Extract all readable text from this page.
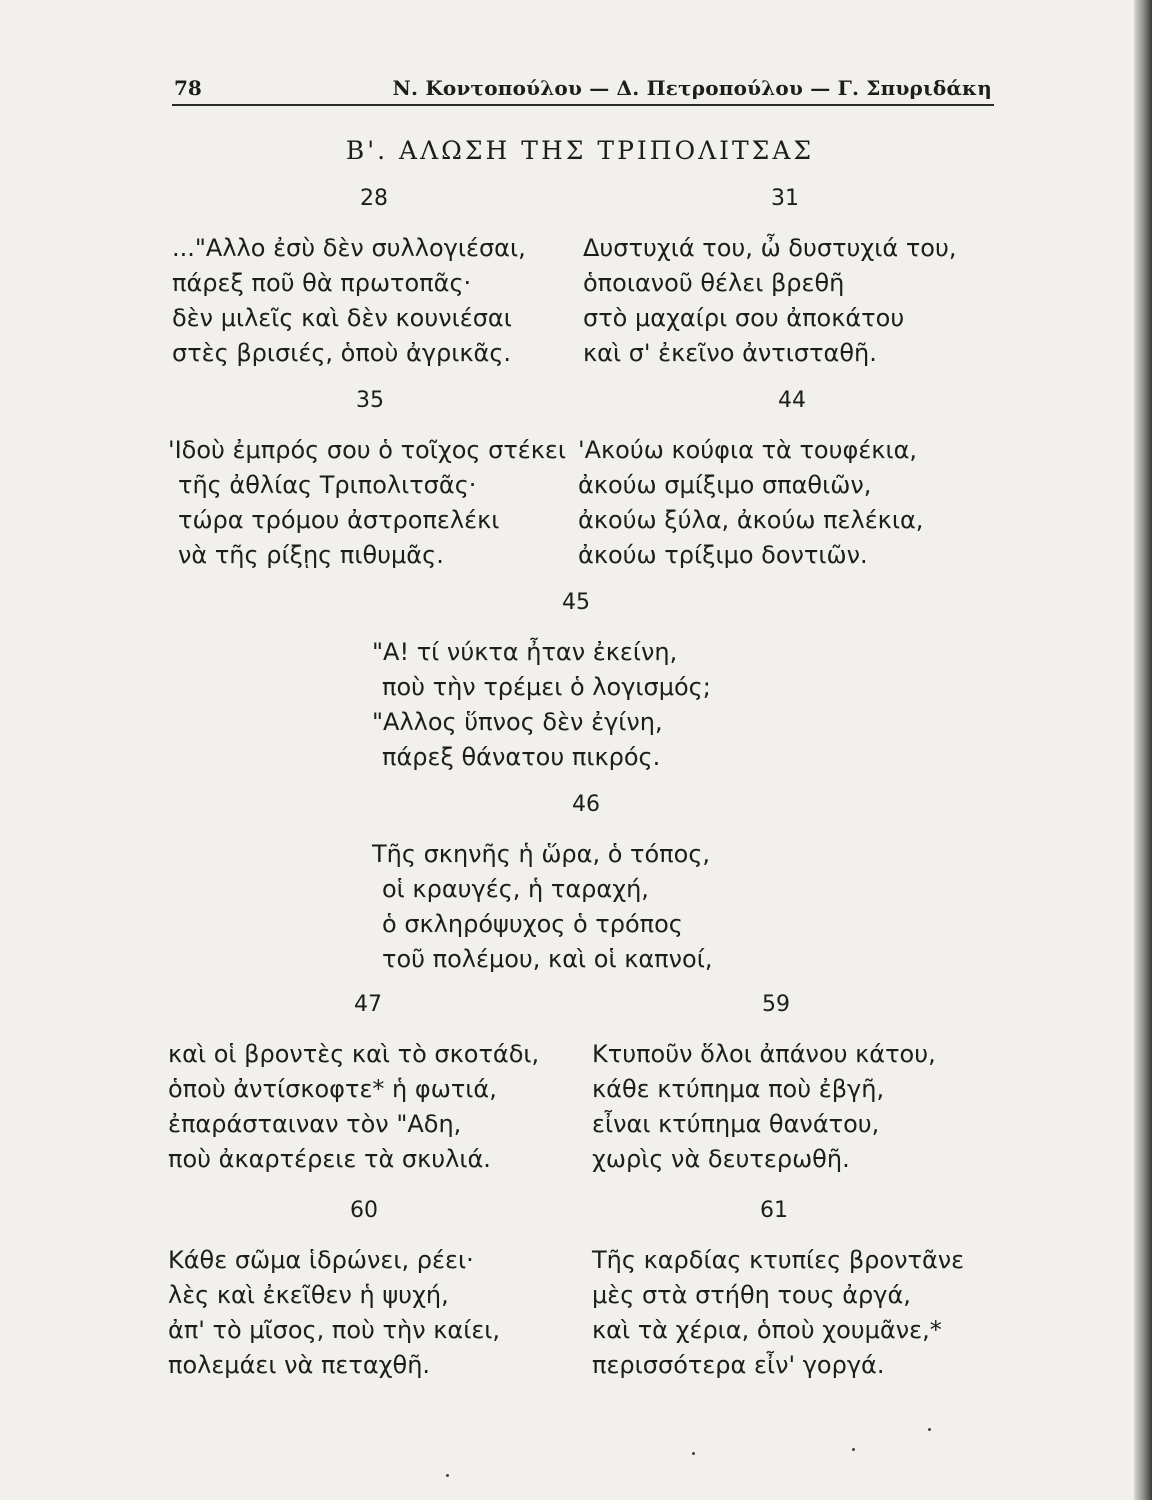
78	Ν. Κοντοπούλου — Δ. Πετροπούλου — Γ. Σπυριδάκη
Β'. ΑΛΩΣΗ ΤΗΣ ΤΡΙΠΟΛΙΤΣΑΣ
28
..."Αλλο ἐσὺ δὲν συλλογιέσαι,
πάρεξ ποῦ θὰ πρωτοπᾶς·
δὲν μιλεῖς καὶ δὲν κουνιέσαι
στὲς βρισιές, ὁποὺ ἀγρικᾶς.
31
Δυστυχιά του, ὦ δυστυχιά του,
ὁποιανοῦ θέλει βρεθῆ
στὸ μαχαίρι σου ἀποκάτου
καὶ σ' ἐκεῖνο ἀντισταθῆ.
35
'Ιδοὺ ἐμπρός σου ὁ τοῖχος στέκει
τῆς ἀθλίας Τριπολιτσᾶς·
τώρα τρόμου ἀστροπελέκι
νὰ τῆς ρίξῃς πιθυμᾶς.
44
'Ακούω κούφια τὰ τουφέκια,
ἀκούω σμίξιμο σπαθιῶν,
ἀκούω ξύλα, ἀκούω πελέκια,
ἀκούω τρίξιμο δοντιῶν.
45
"Α! τί νύκτα ἦταν ἐκείνη,
ποὺ τὴν τρέμει ὁ λογισμός;
"Αλλος ὕπνος δὲν ἐγίνη,
πάρεξ θάνατου πικρός.
46
Τῆς σκηνῆς ἡ ὥρα, ὁ τόπος,
οἱ κραυγές, ἡ ταραχή,
ὁ σκληρόψυχος ὁ τρόπος
τοῦ πολέμου, καὶ οἱ καπνοί,
47
καὶ οἱ βροντὲς καὶ τὸ σκοτάδι,
ὁποὺ ἀντίσκοφτε* ἡ φωτιά,
ἐπαράσταιναν τὸν "Αδη,
ποὺ ἀκαρτέρειε τὰ σκυλιά.
59
Κτυποῦν ὅλοι ἀπάνου κάτου,
κάθε κτύπημα ποὺ ἐβγῆ,
εἶναι κτύπημα θανάτου,
χωρὶς νὰ δευτερωθῆ.
60
Κάθε σῶμα ἱδρώνει, ρέει·
λὲς καὶ ἐκεῖθεν ἡ ψυχή,
ἀπ' τὸ μῖσος, ποὺ τὴν καίει,
πολεμάει νὰ πεταχθῆ.
61
Τῆς καρδίας κτυπίες βροντᾶνε
μὲς στὰ στήθη τους ἀργά,
καὶ τὰ χέρια, ὁποὺ χουμᾶνε,*
περισσότερα εἶν' γοργά.
